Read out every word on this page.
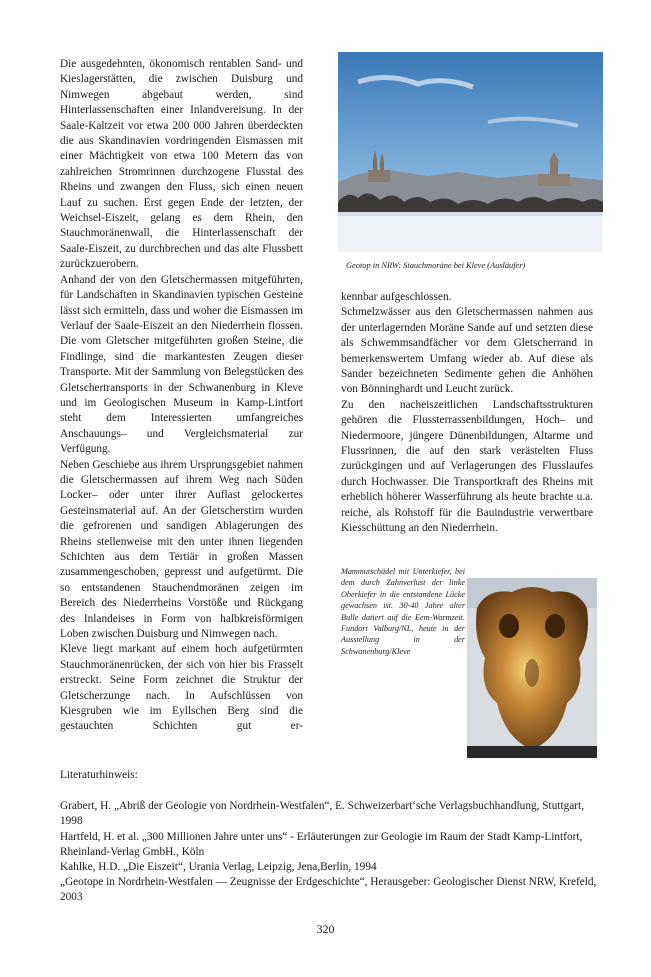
Die ausgedehnten, ökonomisch rentablen Sand- und Kieslagerstätten, die zwischen Duisburg und Nimwegen abgebaut werden, sind Hinterlassenschaften einer Inlandvereisung. In der Saale-Kaltzeit vor etwa 200 000 Jahren überdeckten die aus Skandinavien vordringenden Eismassen mit einer Mächtigkeit von etwa 100 Metern das von zahlreichen Stromrinnen durchzogene Flusstal des Rheins und zwangen den Fluss, sich einen neuen Lauf zu suchen. Erst gegen Ende der letzten, der Weichsel-Eiszeit, gelang es dem Rhein, den Stauchmoränenwall, die Hinterlassenschaft der Saale-Eiszeit, zu durchbrechen und das alte Flussbett zurückzuerobern.

Anhand der von den Gletschermassen mitgeführten, für Landschaften in Skandinavien typischen Gesteine lässt sich ermitteln, dass und woher die Eismassen im Verlauf der Saale-Eiszeit an den Niederrhein flossen. Die vom Gletscher mitgeführten großen Steine, die Findlinge, sind die markantesten Zeugen dieser Transporte. Mit der Sammlung von Belegstücken des Gletschertransports in der Schwanenburg in Kleve und im Geologischen Museum in Kamp-Lintfort steht dem Interessierten umfangreiches Anschauungs– und Vergleichsmaterial zur Verfügung.

Neben Geschiebe aus ihrem Ursprungsgebiet nahmen die Gletschermassen auf ihrem Weg nach Süden Locker– oder unter ihrer Auflast gelockertes Gesteinsmaterial auf. An der Gletscherstirn wurden die gefrorenen und sandigen Ablagerungen des Rheins stellenweise mit den unter ihnen liegenden Schichten aus dem Tertiär in großen Massen zusammengeschoben, gepresst und aufgetürmt. Die so entstandenen Stauchendmoränen zeigen im Bereich des Niederrheins Vorstöße und Rückgang des Inlandeises in Form von halbkreisförmigen Loben zwischen Duisburg und Nimwegen nach.

Kleve liegt markant auf einem hoch aufgetürmten Stauchmoränenrücken, der sich von hier bis Frasselt erstreckt. Seine Form zeichnet die Struktur der Gletscherzunge nach. In Aufschlüssen von Kiesgruben wie im Eyllschen Berg sind die gestauchten Schichten gut er-

Geotop in NRW: Stauchmoräne bei Kleve (Ausläufer)

kennbar aufgeschlossen.

Schmelzwässer aus den Gletschermassen nahmen aus der unterlagernden Moräne Sande auf und setzten diese als Schwemmsandfächer vor dem Gletscherrand in bemerkenswertem Umfang wieder ab. Auf diese als Sander bezeichneten Sedimente gehen die Anhöhen von Bönninghardt und Leucht zurück.

Zu den nacheiszeitlichen Landschaftsstrukturen gehören die Flussterrassenbildungen, Hoch– und Niedermoore, jüngere Dünenbildungen, Altarme und Flussrinnen, die auf den stark verästelten Fluss zurückgingen und auf Verlagerungen des Flusslaufes durch Hochwasser. Die Transportkraft des Rheins mit erheblich höherer Wasserführung als heute brachte u.a. reiche, als Rohstoff für die Bauindustrie verwertbare Kiesschüttung an den Niederrhein.

Mammutschädel mit Unterkiefer, bei dem durch Zahnverlust der linke Oberkiefer in die entstandene Lücke gewachsen ist. 30-40 Jahre alter Bulle datiert auf die Eem-Warmzeit. Fundort Valburg/NL, heute in der Ausstellung in der Schwanenburg/Kleve

Literaturhinweis:

Grabert, H. „Abriß der Geologie von Nordrhein-Westfalen“, E. Schweizerbart‘sche Verlagsbuchhandlung, Stuttgart, 1998

Hartfeld, H. et al. „300 Millionen Jahre unter uns“ - Erläuterungen zur Geologie im Raum der Stadt Kamp-Lintfort, Rheinland-Verlag GmbH., Köln

Kahlke, H.D. „Die Eiszeit“, Urania Verlag, Leipzig, Jena,Berlin, 1994

„Geotope in Nordrhein-Westfalen — Zeugnisse der Erdgeschichte“, Herausgeber: Geologischer Dienst NRW, Krefeld, 2003

320
